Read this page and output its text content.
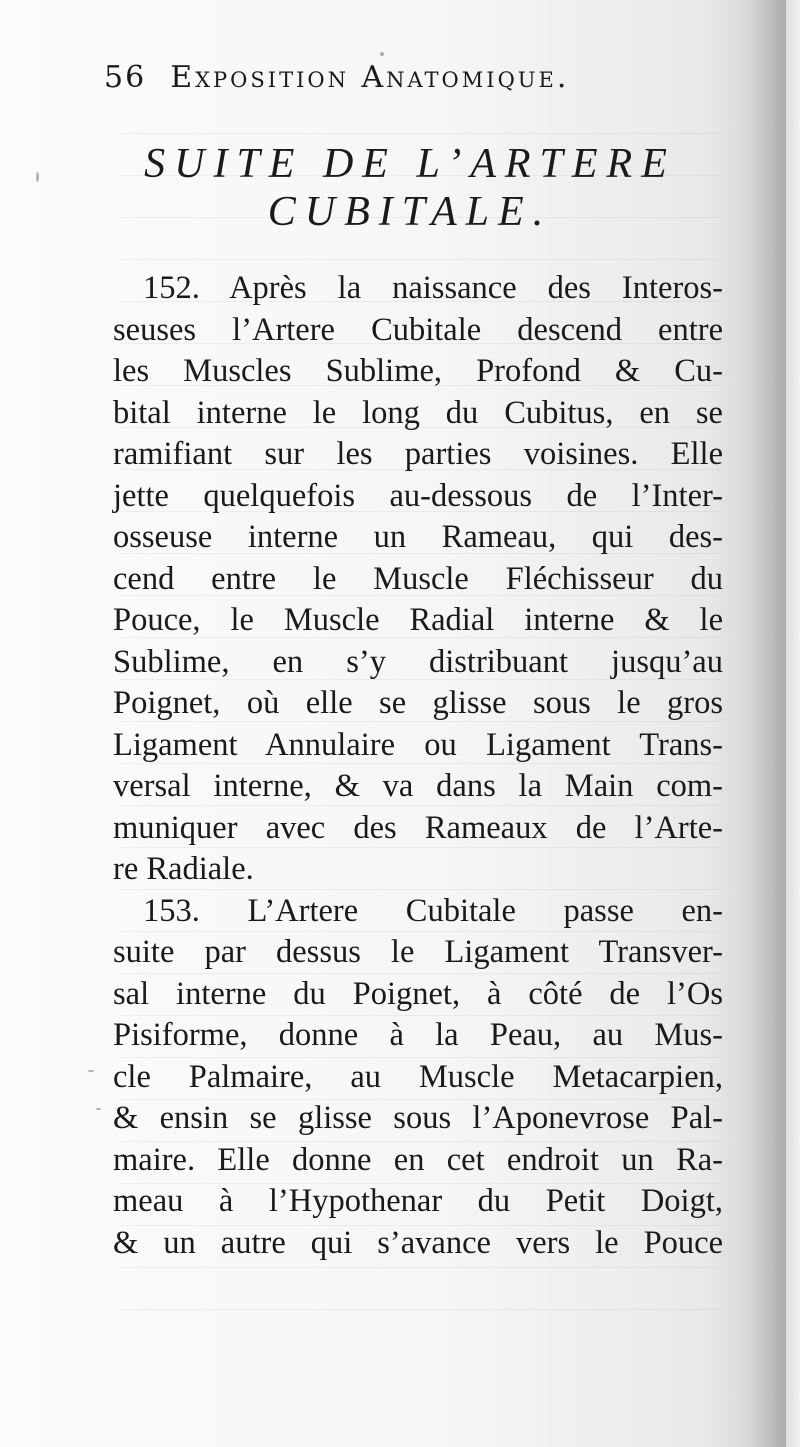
56 Exposition Anatomique.
SUITE DE L’ARTERE
CUBITALE.
152. Après la naissance des Interos-
seuses l’Artere Cubitale descend entre
les Muscles Sublime, Profond & Cu-
bital interne le long du Cubitus, en se
ramifiant sur les parties voisines. Elle
jette quelquefois au-dessous de l’Inter-
osseuse interne un Rameau, qui des-
cend entre le Muscle Fléchisseur du
Pouce, le Muscle Radial interne & le
Sublime, en s’y distribuant jusqu’au
Poignet, où elle se glisse sous le gros
Ligament Annulaire ou Ligament Trans-
versal interne, & va dans la Main com-
muniquer avec des Rameaux de l’Arte-
re Radiale.
153. L’Artere Cubitale passe en-
suite par dessus le Ligament Transver-
sal interne du Poignet, à côté de l’Os
Pisiforme, donne à la Peau, au Mus-
cle Palmaire, au Muscle Metacarpien,
& ensin se glisse sous l’Aponevrose Pal-
maire. Elle donne en cet endroit un Ra-
meau à l’Hypothenar du Petit Doigt,
& un autre qui s’avance vers le Pouce
